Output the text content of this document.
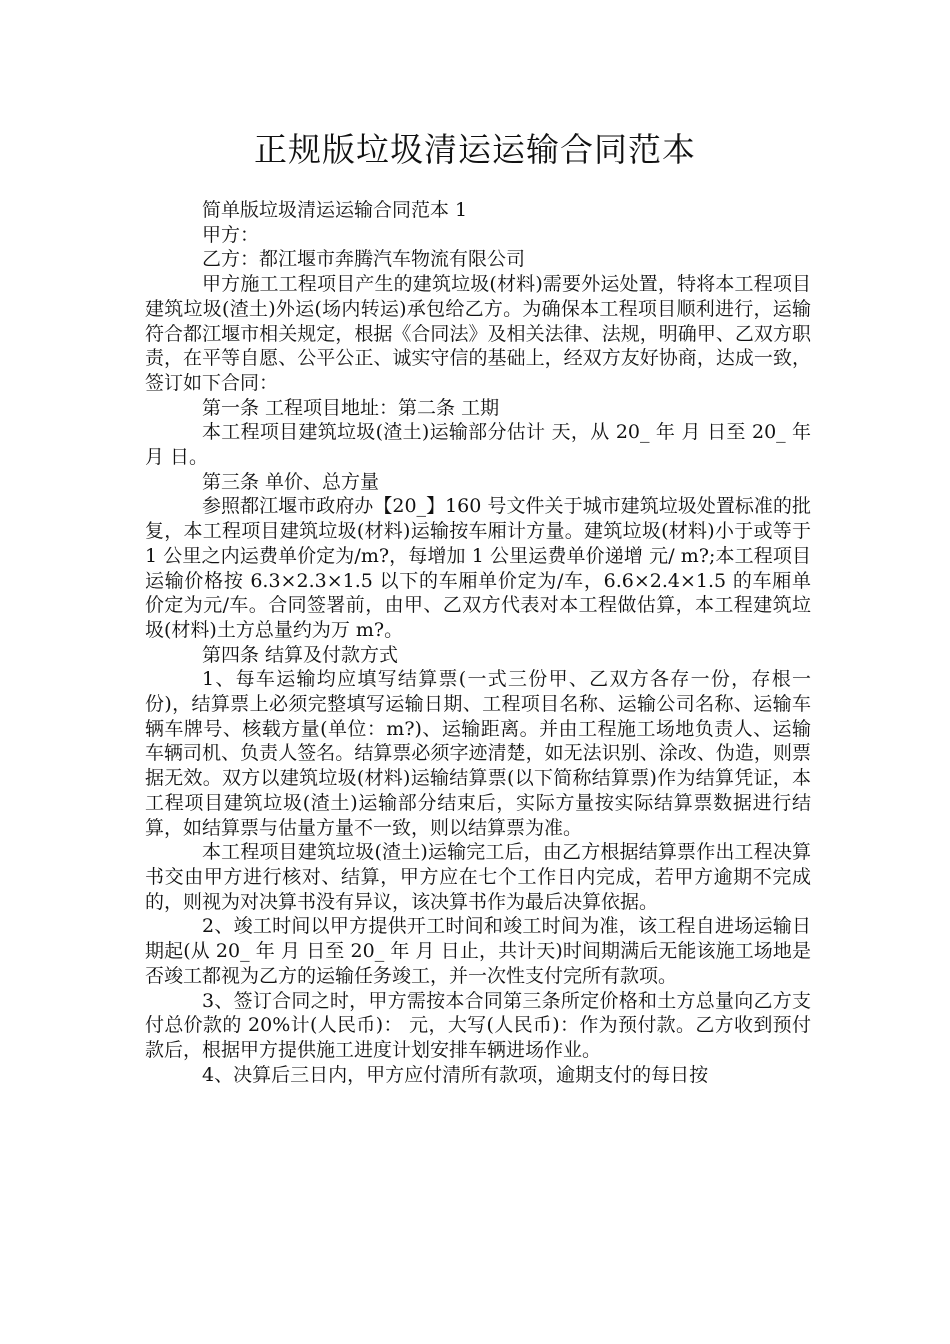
正规版垃圾清运运输合同范本

简单版垃圾清运运输合同范本 1

甲方：

乙方：都江堰市奔腾汽车物流有限公司

甲方施工工程项目产生的建筑垃圾(材料)需要外运处置，特将本工程项目建筑垃圾(渣土)外运(场内转运)承包给乙方。为确保本工程项目顺利进行，运输符合都江堰市相关规定，根据《合同法》及相关法律、法规，明确甲、乙双方职责，在平等自愿、公平公正、诚实守信的基础上，经双方友好协商，达成一致，签订如下合同：

第一条 工程项目地址：第二条 工期

本工程项目建筑垃圾(渣土)运输部分估计 天，从 20_ 年 月 日至 20_ 年 月 日。

第三条 单价、总方量

参照都江堰市政府办【20_】160 号文件关于城市建筑垃圾处置标准的批复，本工程项目建筑垃圾(材料)运输按车厢计方量。建筑垃圾(材料)小于或等于 1 公里之内运费单价定为/m?，每增加 1 公里运费单价递增 元/ m?;本工程项目运输价格按 6.3×2.3×1.5 以下的车厢单价定为/车，6.6×2.4×1.5 的车厢单价定为元/车。合同签署前，由甲、乙双方代表对本工程做估算，本工程建筑垃圾(材料)土方总量约为万 m?。

第四条 结算及付款方式

1、每车运输均应填写结算票(一式三份甲、乙双方各存一份，存根一份)，结算票上必须完整填写运输日期、工程项目名称、运输公司名称、运输车辆车牌号、核载方量(单位：m?)、运输距离。并由工程施工场地负责人、运输车辆司机、负责人签名。结算票必须字迹清楚，如无法识别、涂改、伪造，则票据无效。双方以建筑垃圾(材料)运输结算票(以下简称结算票)作为结算凭证，本工程项目建筑垃圾(渣土)运输部分结束后，实际方量按实际结算票数据进行结算，如结算票与估量方量不一致，则以结算票为准。

本工程项目建筑垃圾(渣土)运输完工后，由乙方根据结算票作出工程决算书交由甲方进行核对、结算，甲方应在七个工作日内完成，若甲方逾期不完成的，则视为对决算书没有异议，该决算书作为最后决算依据。

2、竣工时间以甲方提供开工时间和竣工时间为准，该工程自进场运输日期起(从 20_ 年 月 日至 20_ 年 月 日止，共计天)时间期满后无能该施工场地是否竣工都视为乙方的运输任务竣工，并一次性支付完所有款项。

3、签订合同之时，甲方需按本合同第三条所定价格和土方总量向乙方支付总价款的 20%计(人民币)： 元，大写(人民币)：作为预付款。乙方收到预付款后，根据甲方提供施工进度计划安排车辆进场作业。

4、决算后三日内，甲方应付清所有款项，逾期支付的每日按
